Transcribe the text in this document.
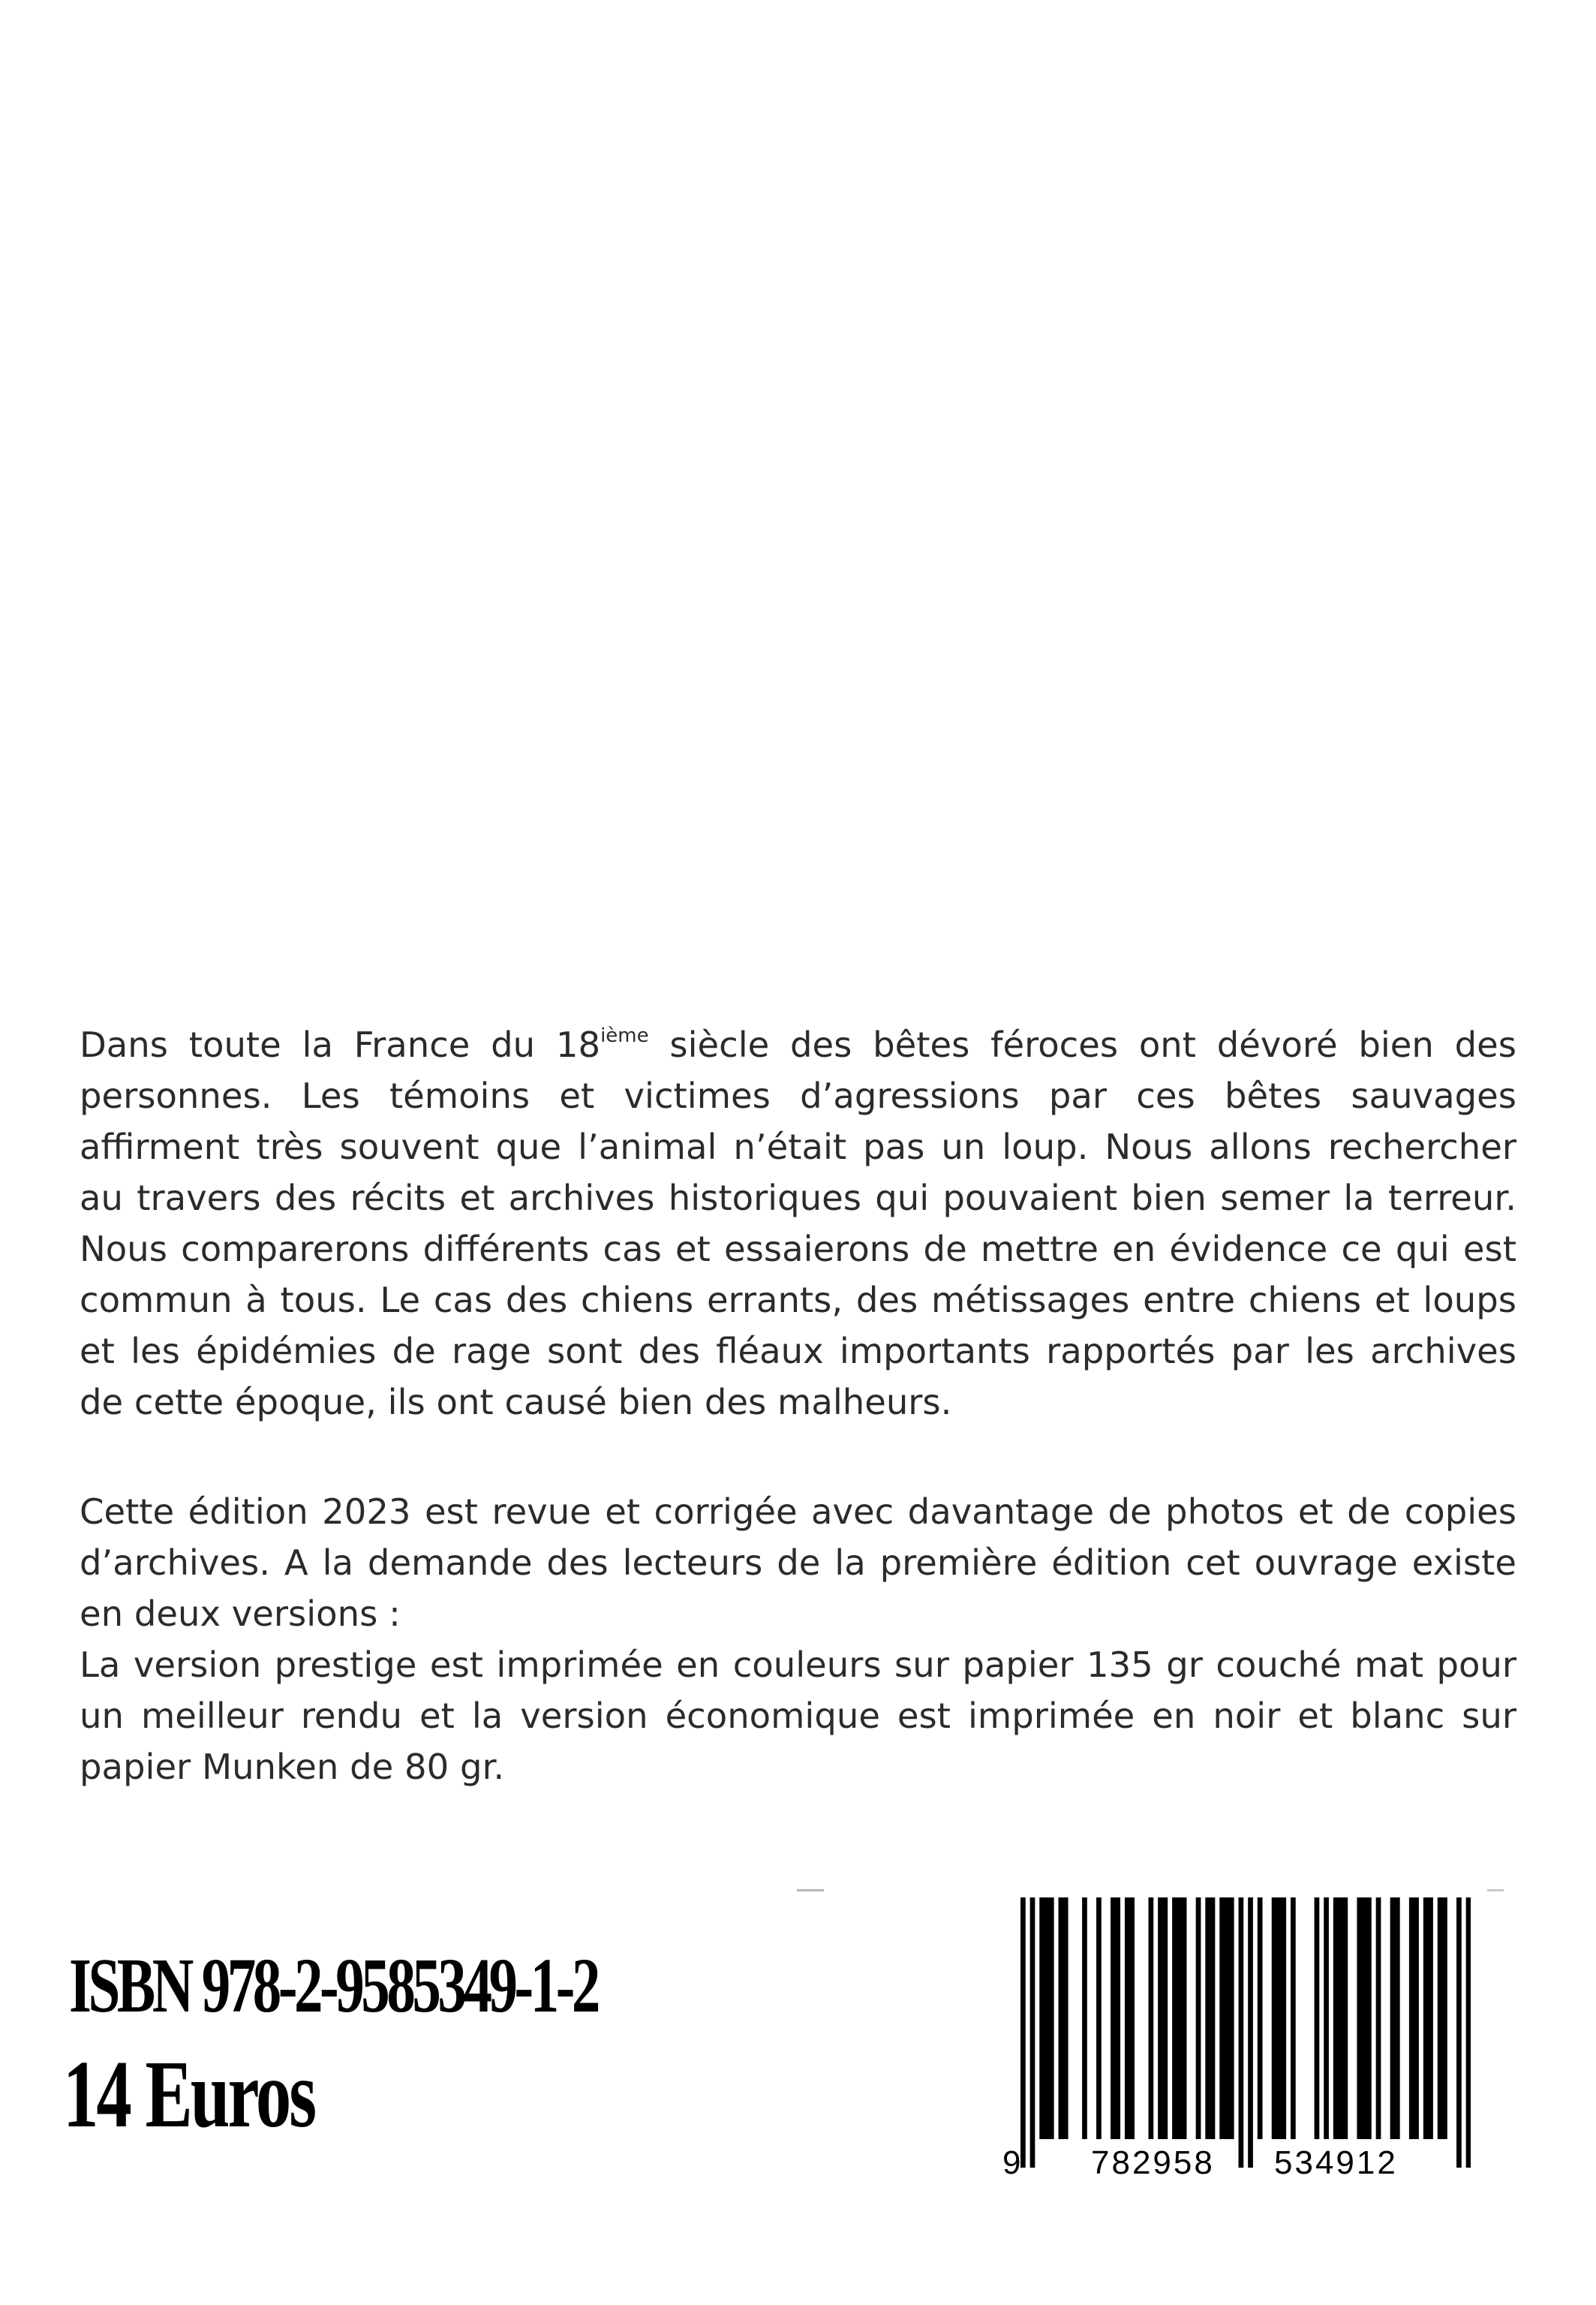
Dans toute la France du 18ième siècle des bêtes féroces ont dévoré bien des
personnes. Les témoins et victimes d’agressions par ces bêtes sauvages
affirment très souvent que l’animal n’était pas un loup. Nous allons rechercher
au travers des récits et archives historiques qui pouvaient bien semer la terreur.
Nous comparerons différents cas et essaierons de mettre en évidence ce qui est
commun à tous. Le cas des chiens errants, des métissages entre chiens et loups
et les épidémies de rage sont des fléaux importants rapportés par les archives
de cette époque, ils ont causé bien des malheurs.
Cette édition 2023 est revue et corrigée avec davantage de photos et de copies
d’archives. A la demande des lecteurs de la première édition cet ouvrage existe
en deux versions :
La version prestige est imprimée en couleurs sur papier 135 gr couché mat pour
un meilleur rendu et la version économique est imprimée en noir et blanc sur
papier Munken de 80 gr.
ISBN 978-2-9585349-1-2
14 Euros
9 782958 534912
